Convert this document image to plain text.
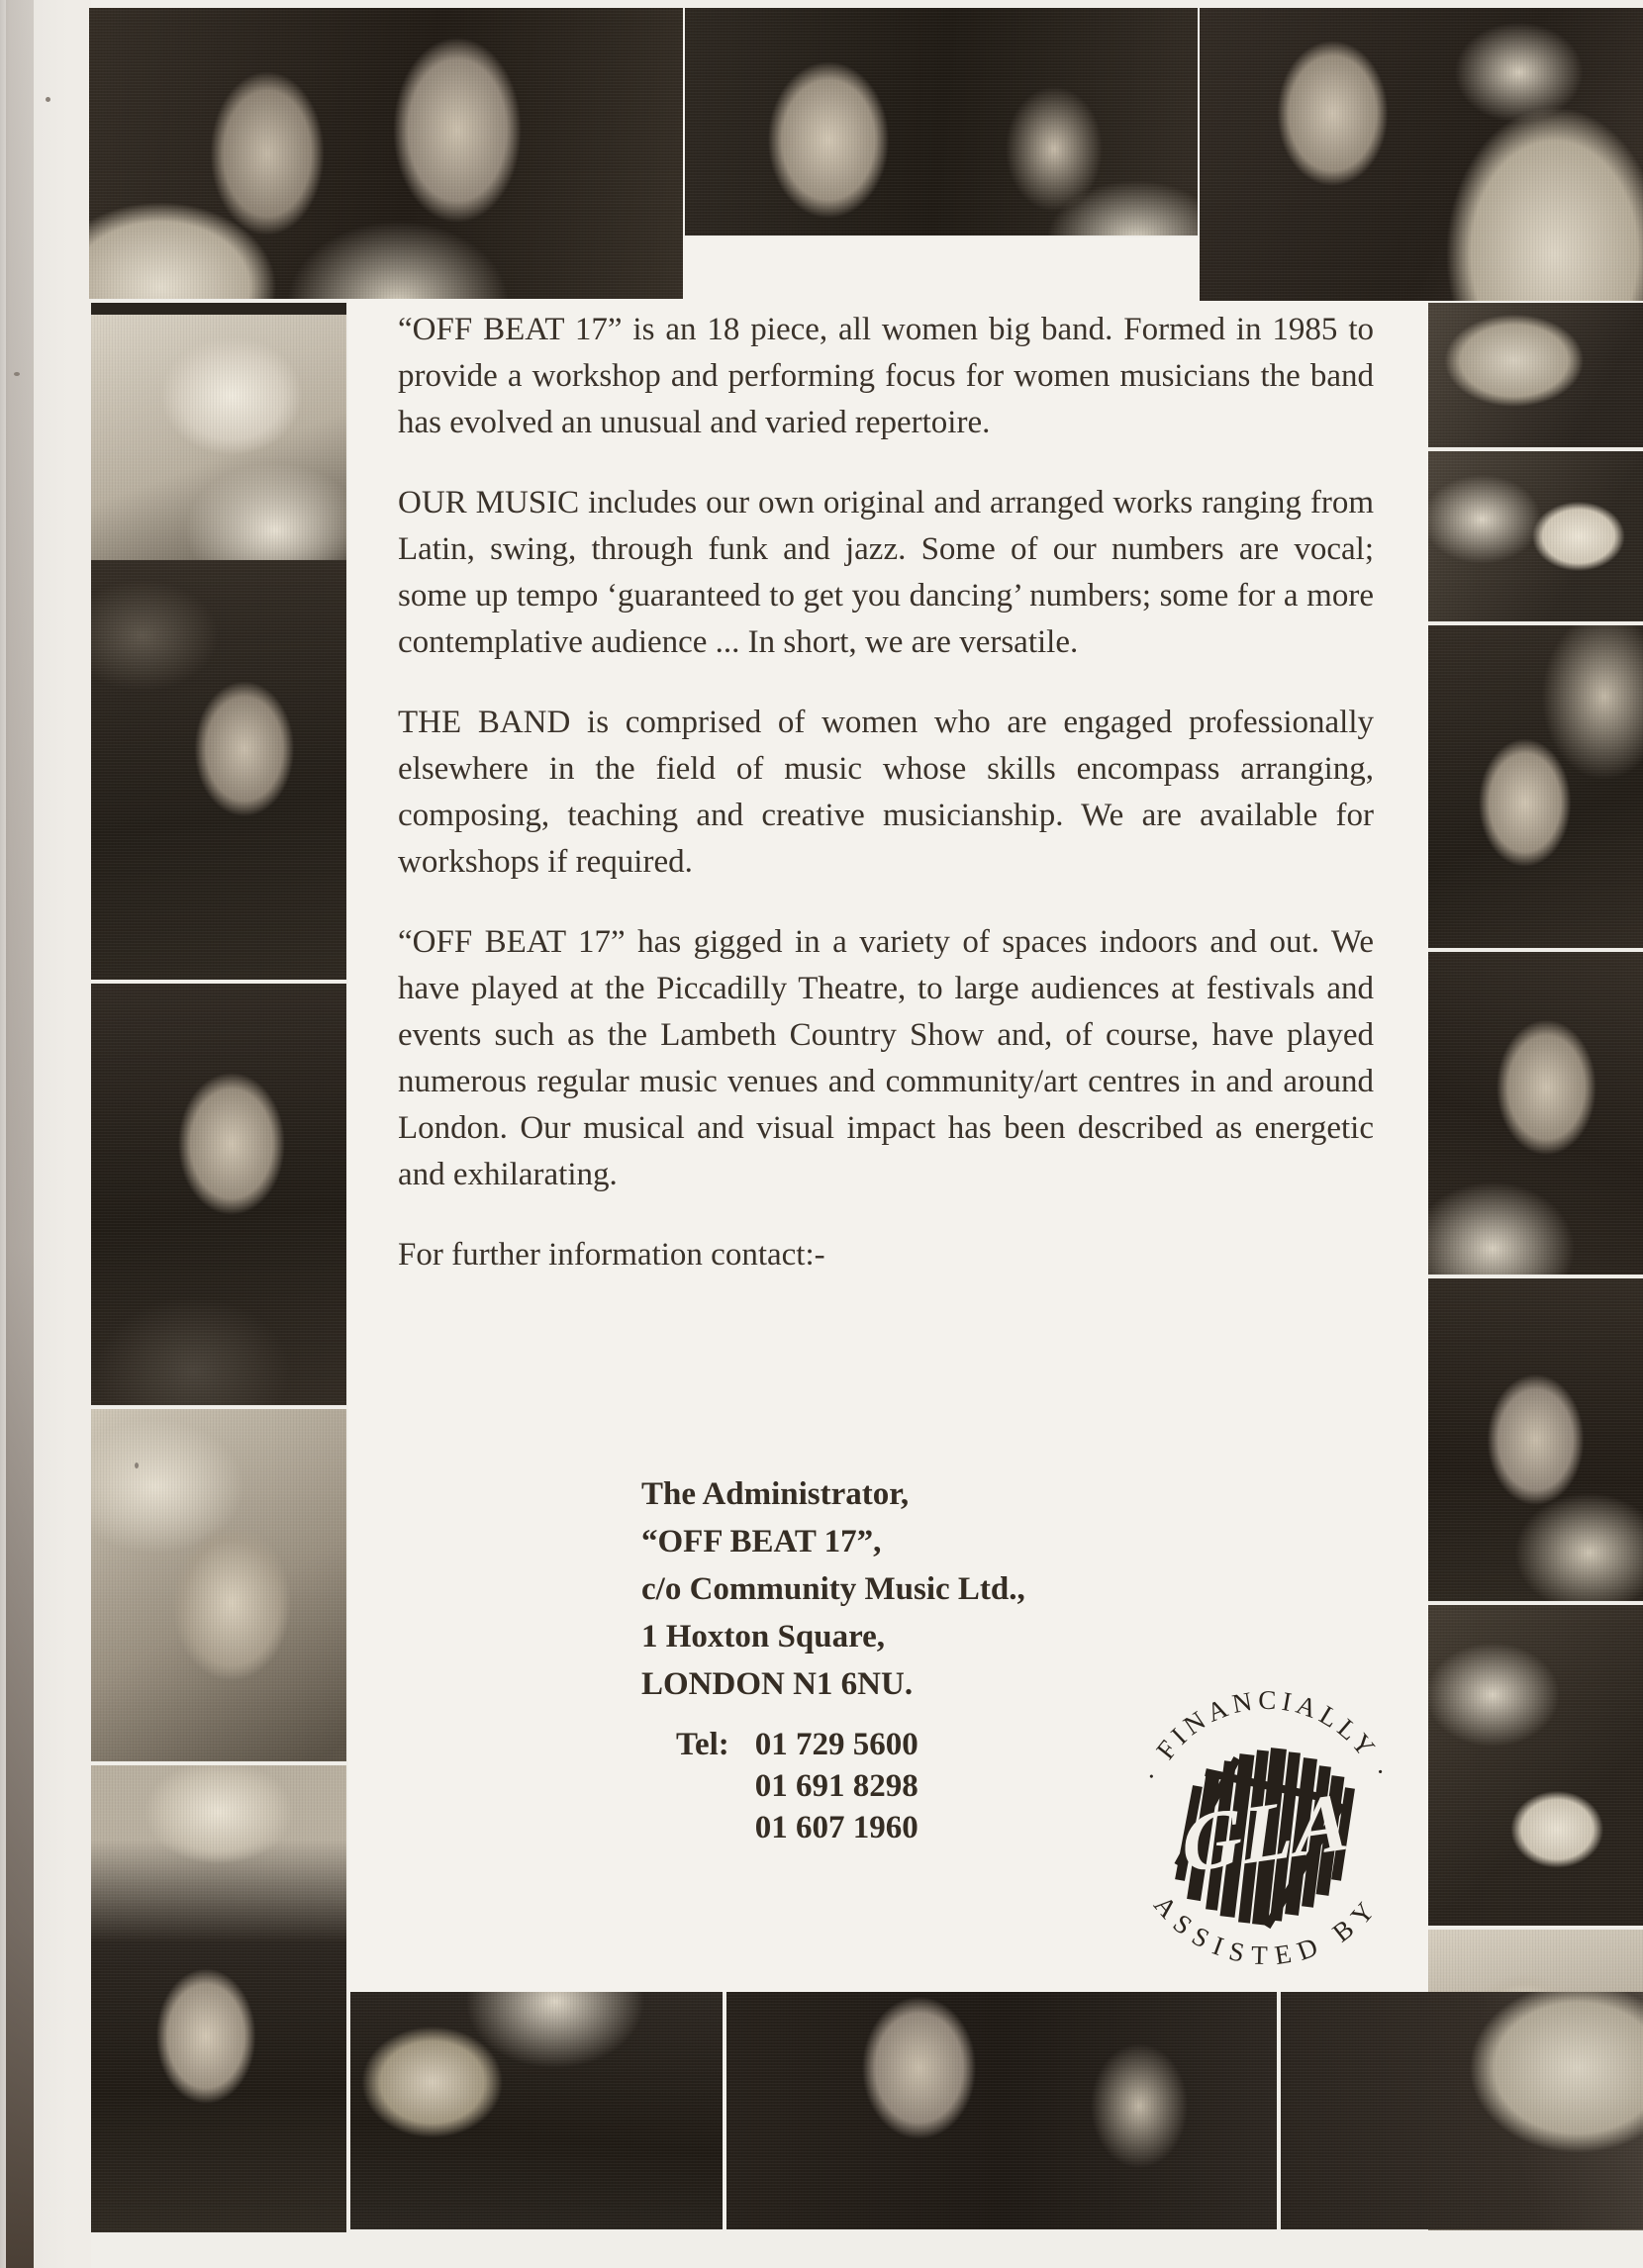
“OFF BEAT 17” is an 18 piece, all women big band. Formed in 1985 to provide a workshop and performing focus for women musicians the band has evolved an unusual and varied repertoire.

OUR MUSIC includes our own original and arranged works ranging from Latin, swing, through funk and jazz. Some of our numbers are vocal; some up tempo ‘guaranteed to get you dancing’ numbers; some for a more contemplative audience ... In short, we are versatile.

THE BAND is comprised of women who are engaged professionally elsewhere in the field of music whose skills encompass arranging, composing, teaching and creative musicianship. We are available for workshops if required.

“OFF BEAT 17” has gigged in a variety of spaces indoors and out. We have played at the Piccadilly Theatre, to large audiences at festivals and events such as the Lambeth Country Show and, of course, have played numerous regular music venues and community/art centres in and around London. Our musical and visual impact has been described as energetic and exhilarating.

For further information contact:-

The Administrator,
“OFF BEAT 17”,
c/o Community Music Ltd.,
1 Hoxton Square,
LONDON N1 6NU.
Tel: 01 729 5600
01 691 8298
01 607 1960
· FINANCIALLY ·
ASSISTED BY
GLA
